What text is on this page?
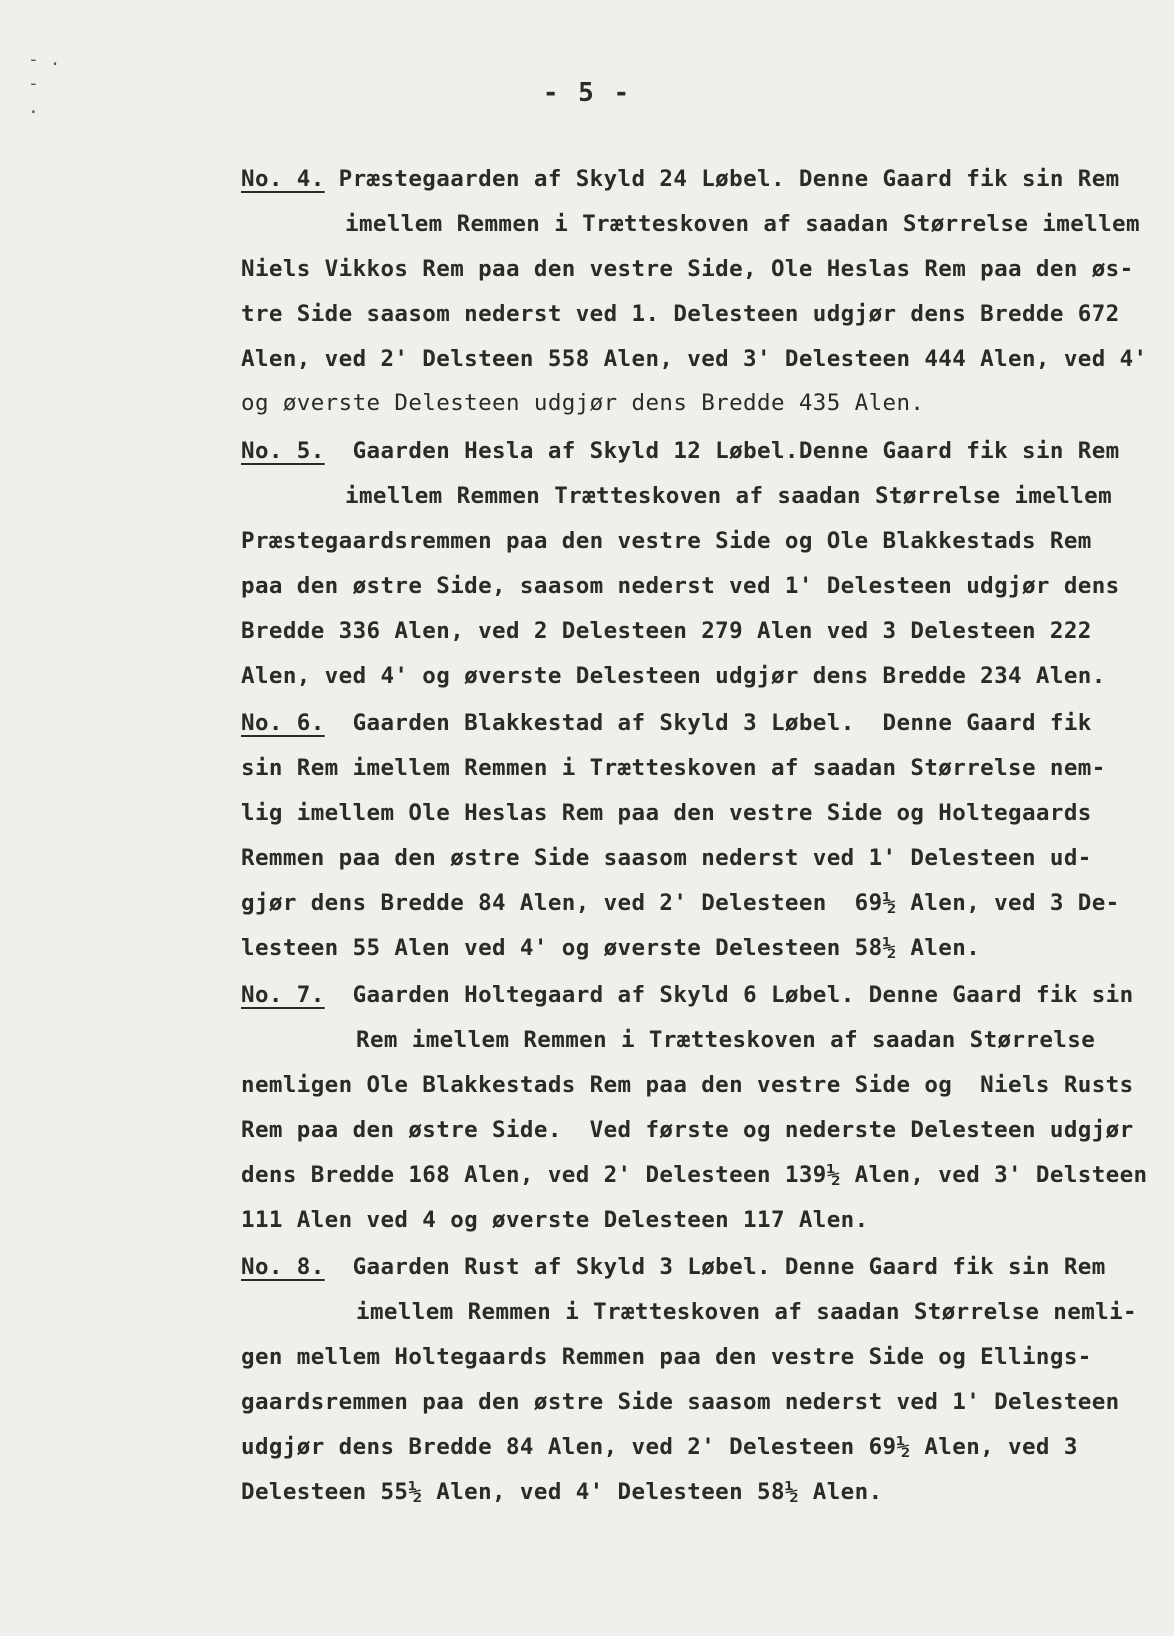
- .
-
.	- 5 -
No. 4. Præstegaarden af Skyld 24 Løbel. Denne Gaard fik sin Rem
imellem Remmen i Trætteskoven af saadan Størrelse imellem
Niels Vikkos Rem paa den vestre Side, Ole Heslas Rem paa den øs-
tre Side saasom nederst ved 1. Delesteen udgjør dens Bredde 672
Alen, ved 2' Delsteen 558 Alen, ved 3' Delesteen 444 Alen, ved 4'
og øverste Delesteen udgjør dens Bredde 435 Alen.
No. 5.  Gaarden Hesla af Skyld 12 Løbel.Denne Gaard fik sin Rem
imellem Remmen Trætteskoven af saadan Størrelse imellem
Præstegaardsremmen paa den vestre Side og Ole Blakkestads Rem
paa den østre Side, saasom nederst ved 1' Delesteen udgjør dens
Bredde 336 Alen, ved 2 Delesteen 279 Alen ved 3 Delesteen 222
Alen, ved 4' og øverste Delesteen udgjør dens Bredde 234 Alen.
No. 6.  Gaarden Blakkestad af Skyld 3 Løbel.  Denne Gaard fik
sin Rem imellem Remmen i Trætteskoven af saadan Størrelse nem-
lig imellem Ole Heslas Rem paa den vestre Side og Holtegaards
Remmen paa den østre Side saasom nederst ved 1' Delesteen ud-
gjør dens Bredde 84 Alen, ved 2' Delesteen  69½ Alen, ved 3 De-
lesteen 55 Alen ved 4' og øverste Delesteen 58½ Alen.
No. 7.  Gaarden Holtegaard af Skyld 6 Løbel. Denne Gaard fik sin
Rem imellem Remmen i Trætteskoven af saadan Størrelse
nemligen Ole Blakkestads Rem paa den vestre Side og  Niels Rusts
Rem paa den østre Side.  Ved første og nederste Delesteen udgjør
dens Bredde 168 Alen, ved 2' Delesteen 139½ Alen, ved 3' Delsteen
111 Alen ved 4 og øverste Delesteen 117 Alen.
No. 8.  Gaarden Rust af Skyld 3 Løbel. Denne Gaard fik sin Rem
imellem Remmen i Trætteskoven af saadan Størrelse nemli-
gen mellem Holtegaards Remmen paa den vestre Side og Ellings-
gaardsremmen paa den østre Side saasom nederst ved 1' Delesteen
udgjør dens Bredde 84 Alen, ved 2' Delesteen 69½ Alen, ved 3
Delesteen 55½ Alen, ved 4' Delesteen 58½ Alen.
